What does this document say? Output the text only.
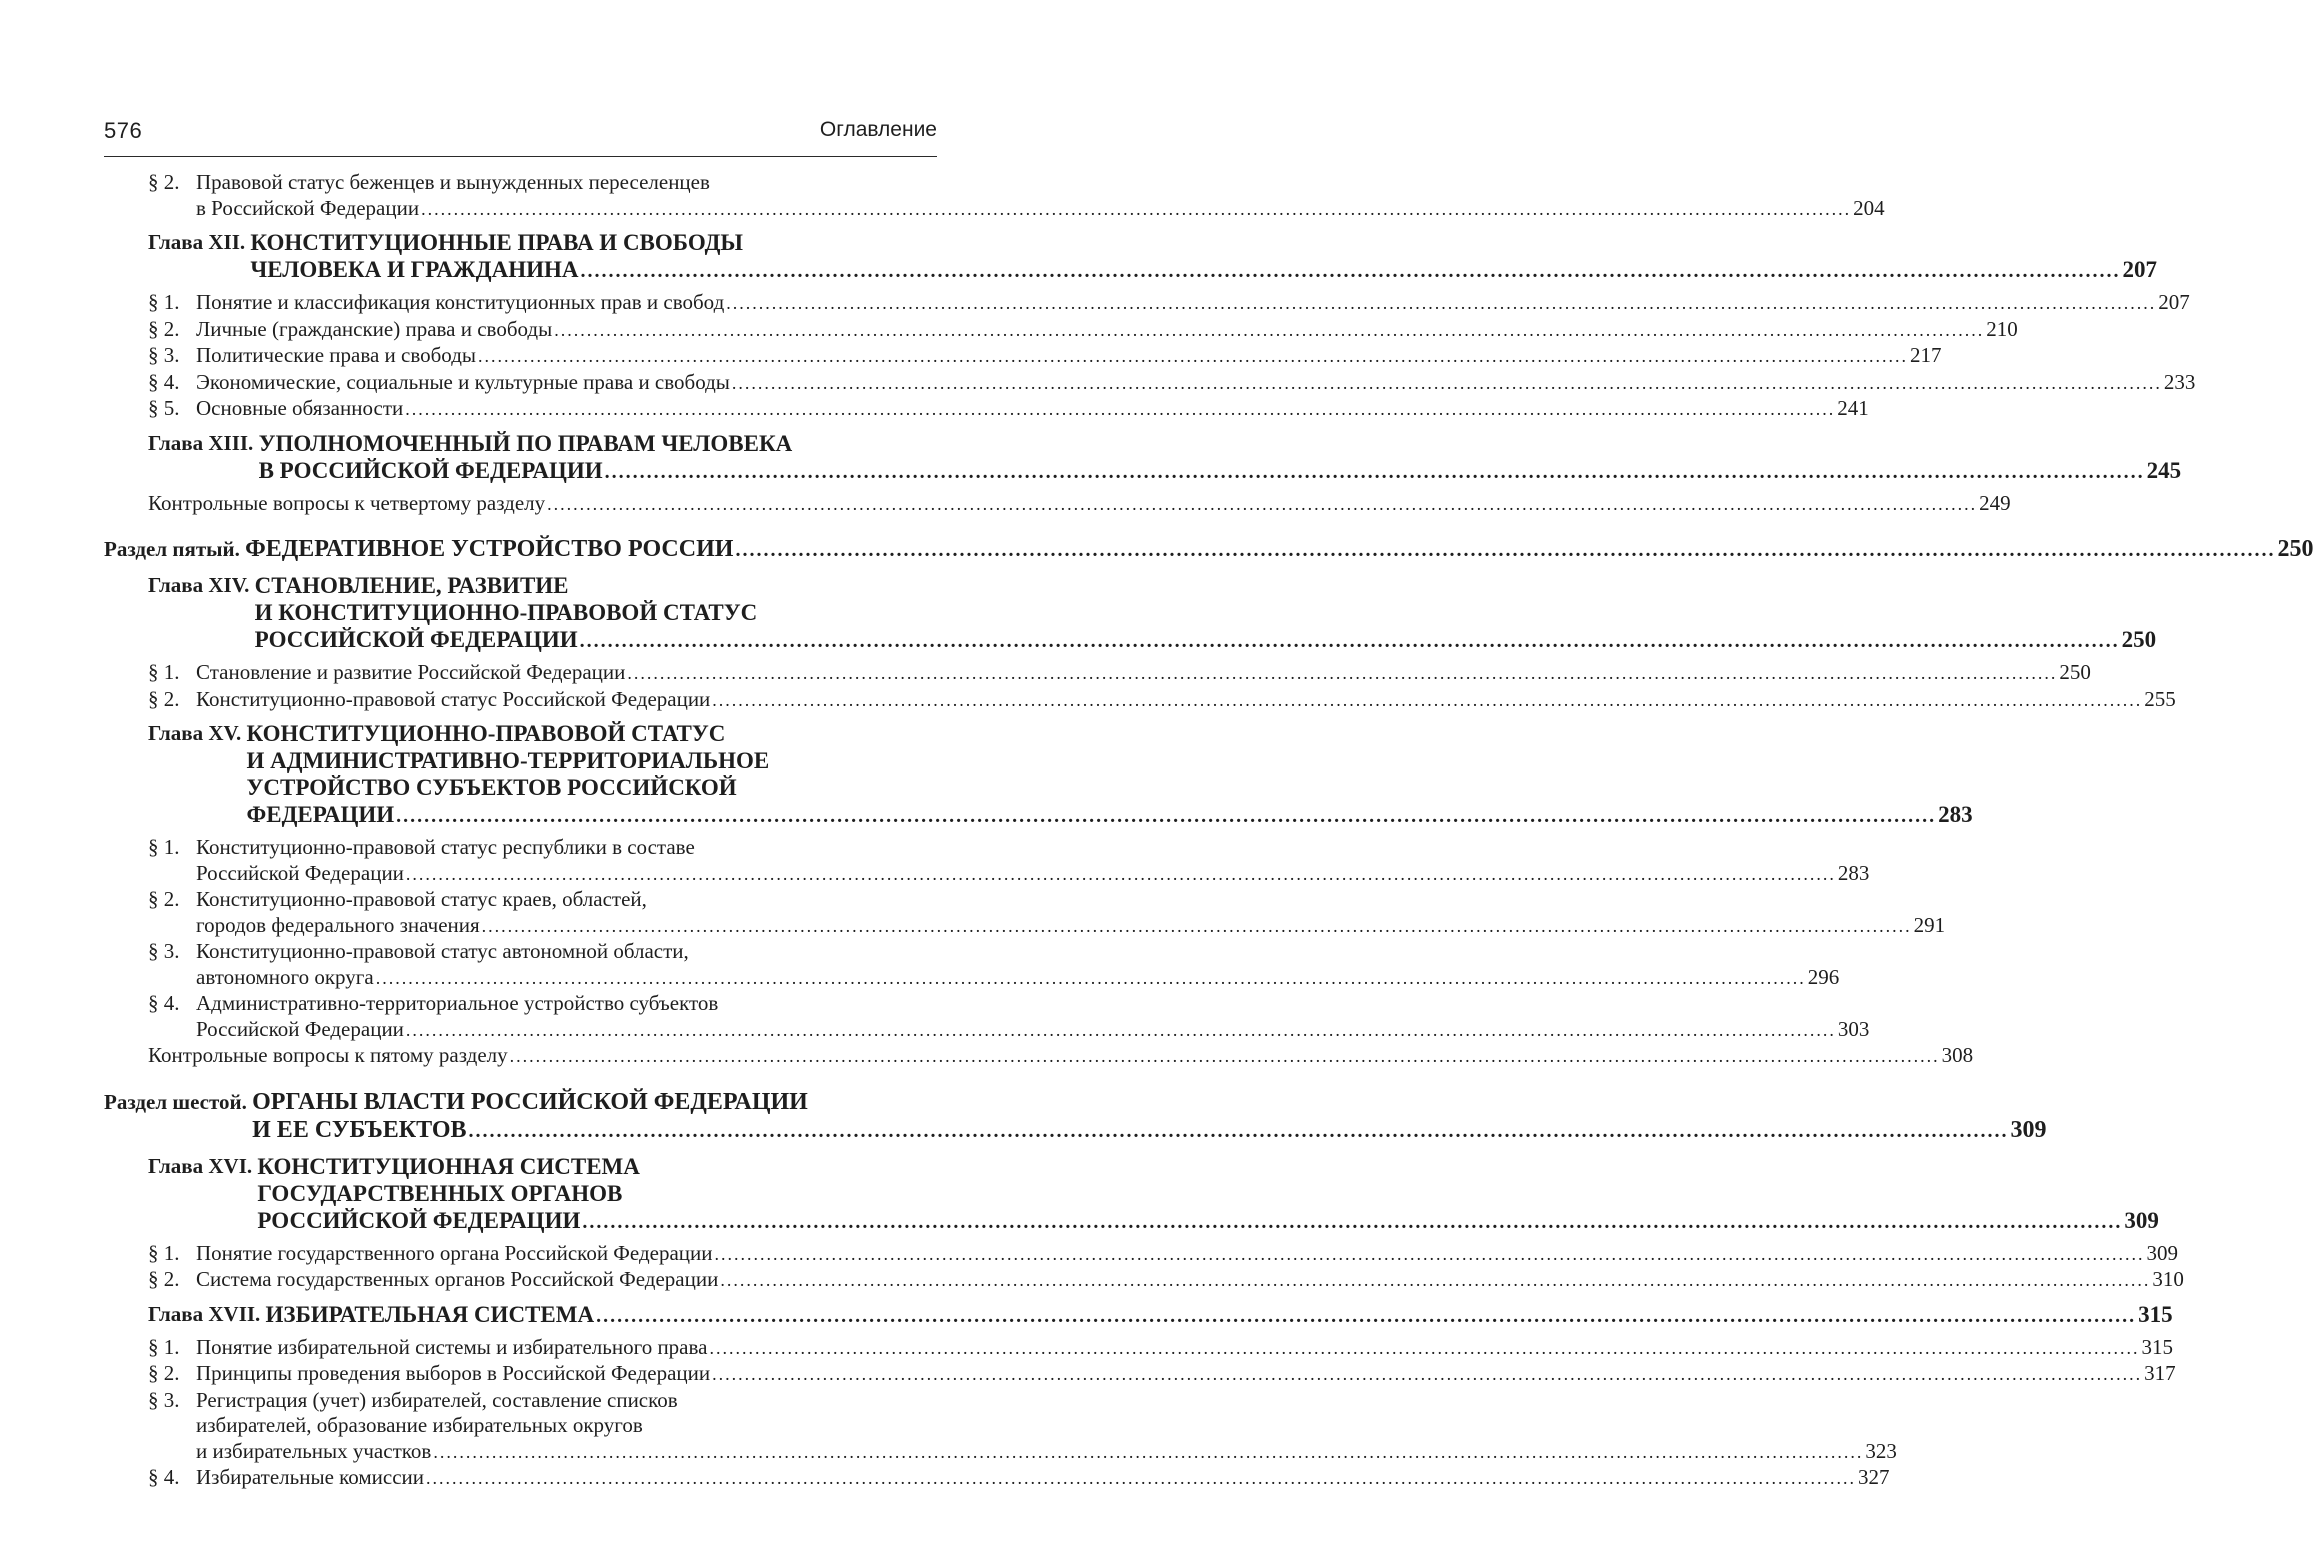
576	Оглавление
§ 2. Правовой статус беженцев и вынужденных переселенцев
в Российской Федерации ............................................................................................................................................................................................................................ 204
Глава XII. КОНСТИТУЦИОННЫЕ ПРАВА И СВОБОДЫ
ЧЕЛОВЕКА И ГРАЖДАНИНА ............................................................................................................................................................................................................................ 207
§ 1. Понятие и классификация конституционных прав и свобод ............................................................................................................................................................................................................................ 207
§ 2. Личные (гражданские) права и свободы ............................................................................................................................................................................................................................ 210
§ 3. Политические права и свободы ............................................................................................................................................................................................................................ 217
§ 4. Экономические, социальные и культурные права и свободы ............................................................................................................................................................................................................................ 233
§ 5. Основные обязанности ............................................................................................................................................................................................................................ 241
Глава XIII. УПОЛНОМОЧЕННЫЙ ПО ПРАВАМ ЧЕЛОВЕКА
В РОССИЙСКОЙ ФЕДЕРАЦИИ ............................................................................................................................................................................................................................ 245
Контрольные вопросы к четвертому разделу ............................................................................................................................................................................................................................ 249
Раздел пятый. ФЕДЕРАТИВНОЕ УСТРОЙСТВО РОССИИ ............................................................................................................................................................................................................................ 250
Глава XIV. СТАНОВЛЕНИЕ, РАЗВИТИЕ
И КОНСТИТУЦИОННО-ПРАВОВОЙ СТАТУС
РОССИЙСКОЙ ФЕДЕРАЦИИ ............................................................................................................................................................................................................................ 250
§ 1. Становление и развитие Российской Федерации ............................................................................................................................................................................................................................ 250
§ 2. Конституционно-правовой статус Российской Федерации ............................................................................................................................................................................................................................ 255
Глава XV. КОНСТИТУЦИОННО-ПРАВОВОЙ СТАТУС
И АДМИНИСТРАТИВНО-ТЕРРИТОРИАЛЬНОЕ
УСТРОЙСТВО СУБЪЕКТОВ РОССИЙСКОЙ
ФЕДЕРАЦИИ ............................................................................................................................................................................................................................ 283
§ 1. Конституционно-правовой статус республики в составе
Российской Федерации ............................................................................................................................................................................................................................ 283
§ 2. Конституционно-правовой статус краев, областей,
городов федерального значения ............................................................................................................................................................................................................................ 291
§ 3. Конституционно-правовой статус автономной области,
автономного округа ............................................................................................................................................................................................................................ 296
§ 4. Административно-территориальное устройство субъектов
Российской Федерации ............................................................................................................................................................................................................................ 303
Контрольные вопросы к пятому разделу ............................................................................................................................................................................................................................ 308
Раздел шестой. ОРГАНЫ ВЛАСТИ РОССИЙСКОЙ ФЕДЕРАЦИИ
И ЕЕ СУБЪЕКТОВ ............................................................................................................................................................................................................................ 309
Глава XVI. КОНСТИТУЦИОННАЯ СИСТЕМА
ГОСУДАРСТВЕННЫХ ОРГАНОВ
РОССИЙСКОЙ ФЕДЕРАЦИИ ............................................................................................................................................................................................................................ 309
§ 1. Понятие государственного органа Российской Федерации ............................................................................................................................................................................................................................ 309
§ 2. Система государственных органов Российской Федерации ............................................................................................................................................................................................................................ 310
Глава XVII. ИЗБИРАТЕЛЬНАЯ СИСТЕМА ............................................................................................................................................................................................................................ 315
§ 1. Понятие избирательной системы и избирательного права ............................................................................................................................................................................................................................ 315
§ 2. Принципы проведения выборов в Российской Федерации ............................................................................................................................................................................................................................ 317
§ 3. Регистрация (учет) избирателей, составление списков
избирателей, образование избирательных округов
и избирательных участков ............................................................................................................................................................................................................................ 323
§ 4. Избирательные комиссии ............................................................................................................................................................................................................................ 327
